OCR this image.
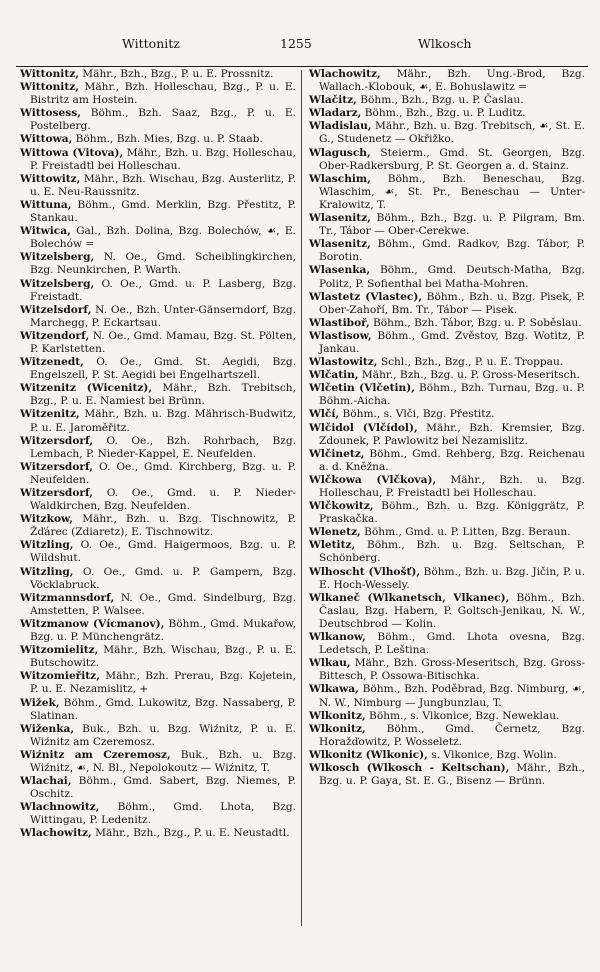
Wittonitz	1255	Wlkosch

Wittonitz, Mähr., Bzh., Bzg., P. u. E. Prossnitz.

Wittonitz, Mähr., Bzh. Holleschau, Bzg., P. u. E. Bistritz am Hostein.

Wittosess, Böhm., Bzh. Saaz, Bzg., P. u. E. Postelberg.

Wittowa, Böhm., Bzh. Mies, Bzg. u. P. Staab.

Wittowa (Vitova), Mähr., Bzh. u. Bzg. Holleschau, P. Freistadtl bei Holleschau.

Wittowitz, Mähr., Bzh. Wischau, Bzg. Austerlitz, P. u. E. Neu-Raussnitz.

Wittuna, Böhm., Gmd. Merklin, Bzg. Přestitz, P. Stankau.

Witwica, Gal., Bzh. Dolina, Bzg. Bolechów, ☙, E. Bolechów =

Witzelsberg, N. Oe., Gmd. Scheiblingkirchen, Bzg. Neunkirchen, P. Warth.

Witzelsberg, O. Oe., Gmd. u. P. Lasberg, Bzg. Freistadt.

Witzelsdorf, N. Oe., Bzh. Unter-Gänserndorf, Bzg. Marchegg, P. Eckartsau.

Witzendorf, N. Oe., Gmd. Mamau, Bzg. St. Pölten, P. Karlstetten.

Witzenedt, O. Oe., Gmd. St. Aegidi, Bzg. Engelszell, P. St. Aegidi bei Engelhartszell.

Witzenitz (Wicenitz), Mähr., Bzh. Trebitsch, Bzg., P. u. E. Namiest bei Brünn.

Witzenitz, Mähr., Bzh. u. Bzg. Mährisch-Budwitz, P. u. E. Jaroměřitz.

Witzersdorf, O. Oe., Bzh. Rohrbach, Bzg. Lembach, P. Nieder-Kappel, E. Neufelden.

Witzersdorf, O. Oe., Gmd. Kirchberg, Bzg. u. P. Neufelden.

Witzersdorf, O. Oe., Gmd. u. P. Nieder-Waldkirchen, Bzg. Neufelden.

Witzkow, Mähr., Bzh. u. Bzg. Tischnowitz, P. Žďárec (Zdiaretz), E. Tischnowitz.

Witzling, O. Oe., Gmd. Haigermoos, Bzg. u. P. Wildshut.

Witzling, O. Oe., Gmd. u. P. Gampern, Bzg. Vöcklabruck.

Witzmannsdorf, N. Oe., Gmd. Sindelburg, Bzg. Amstetten, P. Walsee.

Witzmanow (Vícmanov), Böhm., Gmd. Mukařow, Bzg. u. P. Münchengrätz.

Witzomielitz, Mähr., Bzh. Wischau, Bzg., P. u. E. Butschowitz.

Witzomieřitz, Mähr., Bzh. Prerau, Bzg. Kojetein, P. u. E. Nezamislitz, +

Wižek, Böhm., Gmd. Lukowitz, Bzg. Nassaberg, P. Slatinan.

Wiženka, Buk., Bzh. u. Bzg. Wiźnitz, P. u. E. Wiźnitz am Czeremosz.

Wiźnitz am Czeremosz, Buk., Bzh. u. Bzg. Wiźnitz, ☙, N. Bl., Nepolokoutz — Wiźnitz, T.

Wlachai, Böhm., Gmd. Sabert, Bzg. Niemes, P. Oschitz.

Wlachnowitz, Böhm., Gmd. Lhota, Bzg. Wittingau, P. Ledenitz.

Wlachowitz, Mähr., Bzh., Bzg., P. u. E. Neustadtl.

Wlachowitz, Mähr., Bzh. Ung.-Brod, Bzg. Wallach.-Klobouk, ☙, E. Bohuslawitz =

Wlačitz, Böhm., Bzh., Bzg. u. P. Časlau.

Wladarz, Böhm., Bzh., Bzg. u. P. Luditz.

Wladislau, Mähr., Bzh. u. Bzg. Trebitsch, ☙, St. E. G., Studenetz — Okřižko.

Wlagusch, Steierm., Gmd. St. Georgen, Bzg. Ober-Radkersburg, P. St. Georgen a. d. Stainz.

Wlaschim, Böhm., Bzh. Beneschau, Bzg. Wlaschim, ☙, St. Pr., Beneschau — Unter-Kralowitz, T.

Wlasenitz, Böhm., Bzh., Bzg. u. P. Pilgram, Bm. Tr., Tábor — Ober-Cerekwe.

Wlasenitz, Böhm., Gmd. Radkov, Bzg. Tábor, P. Borotin.

Wlasenka, Böhm., Gmd. Deutsch-Matha, Bzg. Politz, P. Sofienthal bei Matha-Mohren.

Wlastetz (Vlastec), Böhm., Bzh. u. Bzg. Pisek, P. Ober-Zahoří, Bm. Tr., Tábor — Pisek.

Wlastiboř, Böhm., Bzh. Tábor, Bzg. u. P. Soběslau.

Wlastisow, Böhm., Gmd. Zvěstov, Bzg. Wotitz, P. Jankau.

Wlastowitz, Schl., Bzh., Bzg., P. u. E. Troppau.

Wlčatin, Mähr., Bzh., Bzg. u. P. Gross-Meseritsch.

Wlčetin (Vlčetin), Böhm., Bzh. Turnau, Bzg. u. P. Böhm.-Aicha.

Wlčí, Böhm., s. Vlči, Bzg. Přestitz.

Wlčidol (Vlčídol), Mähr., Bzh. Kremsier, Bzg. Zdounek, P. Pawlowitz bei Nezamislitz.

Wlčinetz, Böhm., Gmd. Rehberg, Bzg. Reichenau a. d. Kněžna.

Wlčkowa (Vlčkova), Mähr., Bzh. u. Bzg. Holleschau, P. Freistadtl bei Holleschau.

Wlčkowitz, Böhm., Bzh. u. Bzg. Königgrätz, P. Praskačka.

Wlenetz, Böhm., Gmd. u. P. Litten, Bzg. Beraun.

Wletitz, Böhm., Bzh. u. Bzg. Seltschan, P. Schönberg.

Wlhoscht (Vlhošť), Böhm., Bzh. u. Bzg. Jičin, P. u. E. Hoch-Wessely.

Wlkaneč (Wlkanetsch, Vlkanec), Böhm., Bzh. Časlau, Bzg. Habern, P. Goltsch-Jenikau, N. W., Deutschbrod — Kolin.

Wlkanow, Böhm., Gmd. Lhota ovesna, Bzg. Ledetsch, P. Leština.

Wlkau, Mähr., Bzh. Gross-Meseritsch, Bzg. Gross-Bittesch, P. Ossowa-Bitischka.

Wlkawa, Böhm., Bzh. Poděbrad, Bzg. Nimburg, ☙, N. W., Nimburg — Jungbunzlau, T.

Wlkonitz, Böhm., s. Vlkonice, Bzg. Neweklau.

Wlkonitz, Böhm., Gmd. Černetz, Bzg. Horažďowitz, P. Wosseletz.

Wlkonitz (Wlkonic), s. Vlkonice, Bzg. Wolin.

Wlkosch (Wlkosch - Keltschan), Mähr., Bzh., Bzg. u. P. Gaya, St. E. G., Bisenz — Brünn.
